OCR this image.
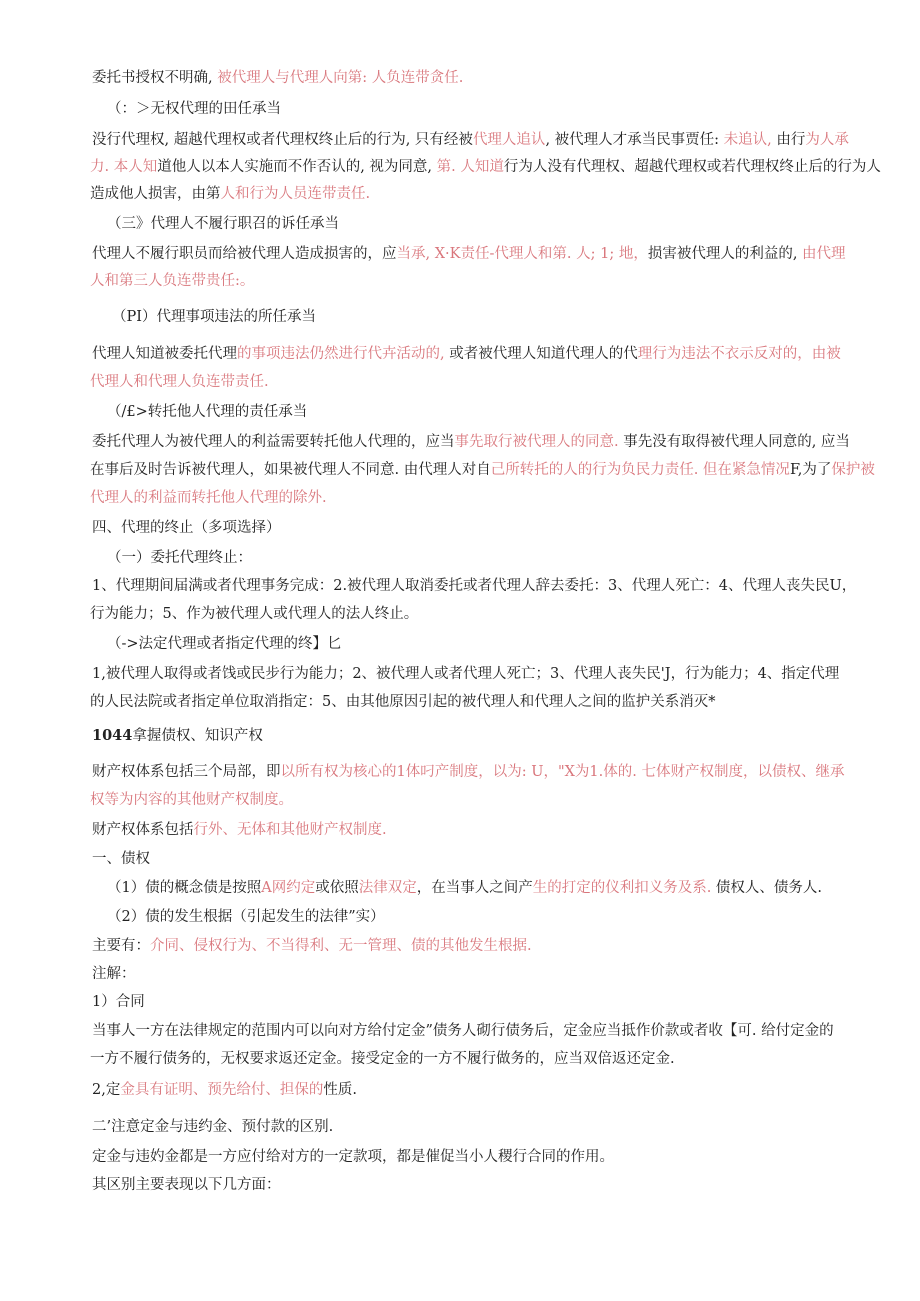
委托书授权不明确, 被代理人与代理人向第: 人负连带贪任.
（：＞无权代理的田任承当
没行代理权, 超越代理权或者代理权终止后的行为, 只有经被代理人追认, 被代理人才承当民事贾任: 未追认, 由行为人承
力. 本人知道他人以本人实施而不作否认的, 视为同意, 第. 人知道行为人没有代理权、超越代理权或若代理权终止后的行为人
造成他人损害，由第人和行为人员连带责任.
（三》代理人不履行职召的诉任承当
代理人不履行职员而给被代理人造成损害的，应当承, X·K责任-代理人和第. 人; 1; 地，损害被代理人的利益的, 由代理
人和第三人负连带贵任:。
（PI）代理事项违法的所任承当
代理人知道被委托代理的事项违法仍然进行代卉活动的, 或者被代理人知道代理人的代理行为违法不衣示反对的，由被
代理人和代理人负连带责任.
（/£>转托他人代理的责任承当
委托代理人为被代理人的利益需要转托他人代理的，应当事先取行被代理人的同意. 事先没有取得被代理人同意的, 应当
在事后及时告诉被代理人，如果被代理人不同意. 由代理人对自己所转托的人的行为负民力责任. 但在紧急情况F,为了保护被
代理人的利益而转托他人代理的除外.
四、代理的终止（多项选择）
（一）委托代理终止：
1、代理期间届满或者代理事务完成：2.被代理人取消委托或者代理人辞去委托：3、代理人死亡：4、代理人丧失民U，
行为能力；5、作为被代理人或代理人的法人终止。
（->法定代理或者指定代理的终】匕
1,被代理人取得或者饯或民步行为能力；2、被代理人或者代理人死亡；3、代理人丧失民'J，行为能力；4、指定代理
的人民法院或者指定单位取消指定：5、由其他原因引起的被代理人和代理人之间的监护关系消灭*
1044拿握债权、知识产权
财产权体系包括三个局部，即以所有权为核心的1体叼产制度，以为: U，"X为1.体的. 七体财产权制度，以债权、继承
权等为内容的其他财产权制度。
财产权体系包括行外、无体和其他财产权制度.
一、债权
（1）债的概念债是按照A网约定或依照法律双定，在当事人之间产生的打定的仪利扣义务及系. 债权人、债务人.
（2）债的发生根据（引起发生的法律”实）
主要有：介同、侵权行为、不当得利、无一管理、债的其他发生根据.
注解：
1）合同
当事人一方在法律规定的范围内可以向对方给付定金”债务人砌行债务后，定金应当抵作价款或者收【可. 给付定金的
一方不履行债务的，无权要求返还定金。接受定金的一方不履行做务的，应当双倍返还定金.
2,定金具有证明、预先给付、担保的性质.
二’注意定金与违约金、预付款的区别.
定金与违妁金都是一方应付给对方的一定款项，都是催促当小人稷行合同的作用。
其区别主要表现以下几方面：
